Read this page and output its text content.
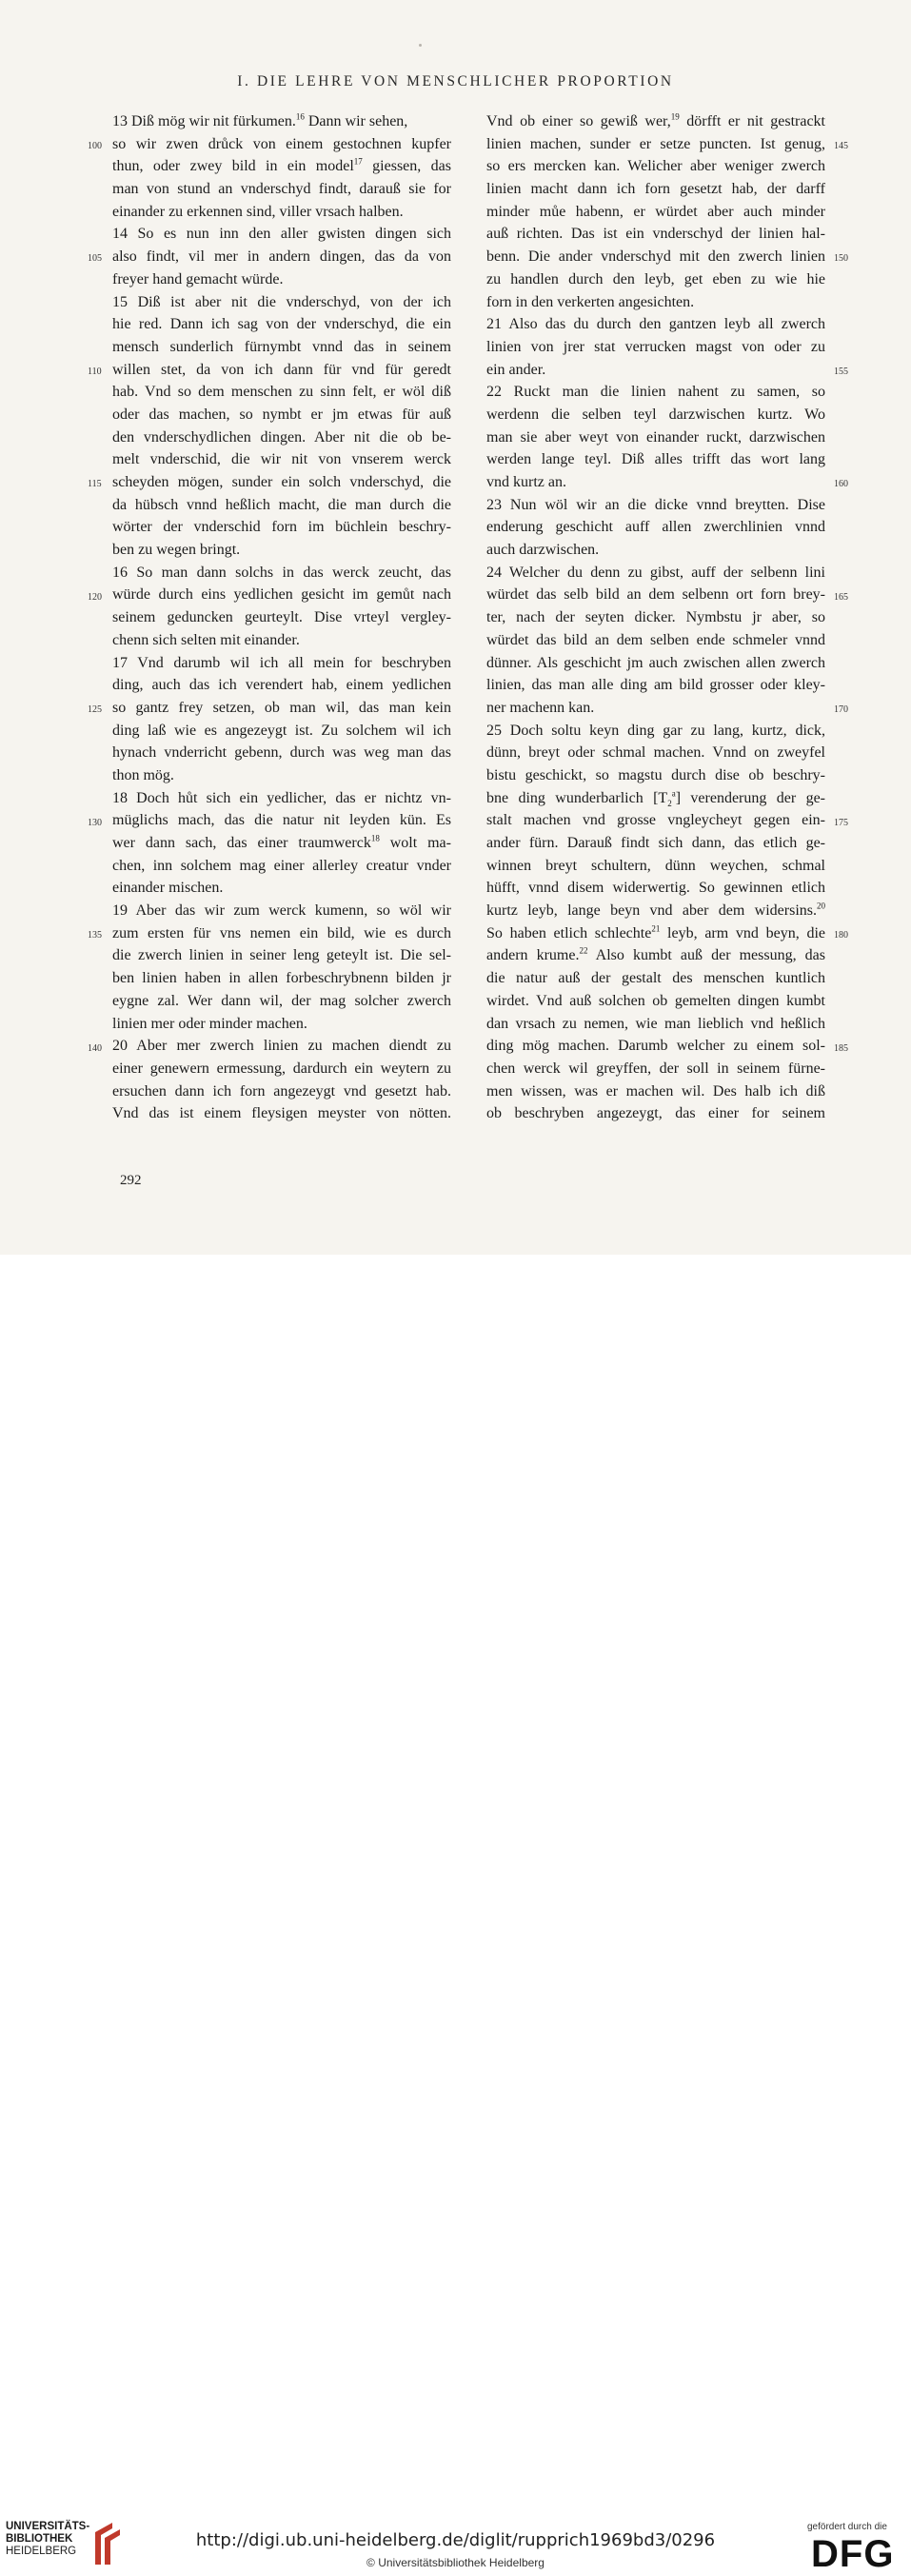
I. DIE LEHRE VON MENSCHLICHER PROPORTION
13 Diß mög wir nit fürkumen.$^{16}$ Dann wir sehen,
so wir zwen drůck von einem gestochnen kupfer
thun, oder zwey bild in ein model$^{17}$ giessen, das
man von stund an vnderschyd findt, darauß sie for
einander zu erkennen sind, viller vrsach halben.
14 So es nun inn den aller gwisten dingen sich
also findt, vil mer in andern dingen, das da von
freyer hand gemacht würde.
15 Diß ist aber nit die vnderschyd, von der ich
hie red. Dann ich sag von der vnderschyd, die ein
mensch sunderlich fürnymbt vnnd das in seinem
willen stet, da von ich dann für vnd für geredt
hab. Vnd so dem menschen zu sinn felt, er wöl diß
oder das machen, so nymbt er jm etwas für auß
den vnderschydlichen dingen. Aber nit die ob be-
melt vnderschid, die wir nit von vnserem werck
scheyden mögen, sunder ein solch vnderschyd, die
da hübsch vnnd heßlich macht, die man durch die
wörter der vnderschid forn im büchlein beschry-
ben zu wegen bringt.
16 So man dann solchs in das werck zeucht, das
würde durch eins yedlichen gesicht im gemůt nach
seinem geduncken geurteylt. Dise vrteyl vergley-
chenn sich selten mit einander.
17 Vnd darumb wil ich all mein for beschryben
ding, auch das ich verendert hab, einem yedlichen
so gantz frey setzen, ob man wil, das man kein
ding laß wie es angezeygt ist. Zu solchem wil ich
hynach vnderricht gebenn, durch was weg man das
thon mög.
18 Doch hůt sich ein yedlicher, das er nichtz vn-
müglichs mach, das die natur nit leyden kün. Es
wer dann sach, das einer traumwerck$^{18}$ wolt ma-
chen, inn solchem mag einer allerley creatur vnder
einander mischen.
19 Aber das wir zum werck kumenn, so wöl wir
zum ersten für vns nemen ein bild, wie es durch
die zwerch linien in seiner leng geteylt ist. Die sel-
ben linien haben in allen forbeschrybnenn bilden jr
eygne zal. Wer dann wil, der mag solcher zwerch
linien mer oder minder machen.
20 Aber mer zwerch linien zu machen diendt zu
einer genewern ermessung, dardurch ein weytern zu
ersuchen dann ich forn angezeygt vnd gesetzt hab.
Vnd das ist einem fleysigen meyster von nötten.
Vnd ob einer so gewiß wer,$^{19}$ dörfft er nit gestrackt
linien machen, sunder er setze puncten. Ist genug,
so ers mercken kan. Welicher aber weniger zwerch
linien macht dann ich forn gesetzt hab, der darff
minder můe habenn, er würdet aber auch minder
auß richten. Das ist ein vnderschyd der linien hal-
benn. Die ander vnderschyd mit den zwerch linien
zu handlen durch den leyb, get eben zu wie hie
forn in den verkerten angesichten.
21 Also das du durch den gantzen leyb all zwerch
linien von jrer stat verrucken magst von oder zu
ein ander.
22 Ruckt man die linien nahent zu samen, so
werdenn die selben teyl darzwischen kurtz. Wo
man sie aber weyt von einander ruckt, darzwischen
werden lange teyl. Diß alles trifft das wort lang
vnd kurtz an.
23 Nun wöl wir an die dicke vnnd breytten. Dise
enderung geschicht auff allen zwerchlinien vnnd
auch darzwischen.
24 Welcher du denn zu gibst, auff der selbenn lini
würdet das selb bild an dem selbenn ort forn brey-
ter, nach der seyten dicker. Nymbstu jr aber, so
würdet das bild an dem selben ende schmeler vnnd
dünner. Als geschicht jm auch zwischen allen zwerch
linien, das man alle ding am bild grosser oder kley-
ner machenn kan.
25 Doch soltu keyn ding gar zu lang, kurtz, dick,
dünn, breyt oder schmal machen. Vnnd on zweyfel
bistu geschickt, so magstu durch dise ob beschry-
bne ding wunderbarlich $[T_2^a]$ verenderung der ge-
stalt machen vnd grosse vngleycheyt gegen ein-
ander fürn. Darauß findt sich dann, das etlich ge-
winnen breyt schultern, dünn weychen, schmal
hüfft, vnnd disem widerwertig. So gewinnen etlich
kurtz leyb, lange beyn vnd aber dem widersins.$^{20}$
So haben etlich schlechte$^{21}$ leyb, arm vnd beyn, die
andern krume.$^{22}$ Also kumbt auß der messung, das
die natur auß der gestalt des menschen kuntlich
wirdet. Vnd auß solchen ob gemelten dingen kumbt
dan vrsach zu nemen, wie man lieblich vnd heßlich
ding mög machen. Darumb welcher zu einem sol-
chen werck wil greyffen, der soll in seinem fürne-
men wissen, was er machen wil. Des halb ich diß
ob beschryben angezeygt, das einer for seinem
100
105
110
115
120
125
130
135
140
145
150
155
160
165
170
175
180
185
292
UNIVERSITÄTS-
BIBLIOTHEK
HEIDELBERG
http://digi.ub.uni-heidelberg.de/diglit/rupprich1969bd3/0296
© Universitätsbibliothek Heidelberg
gefördert durch die
DFG
